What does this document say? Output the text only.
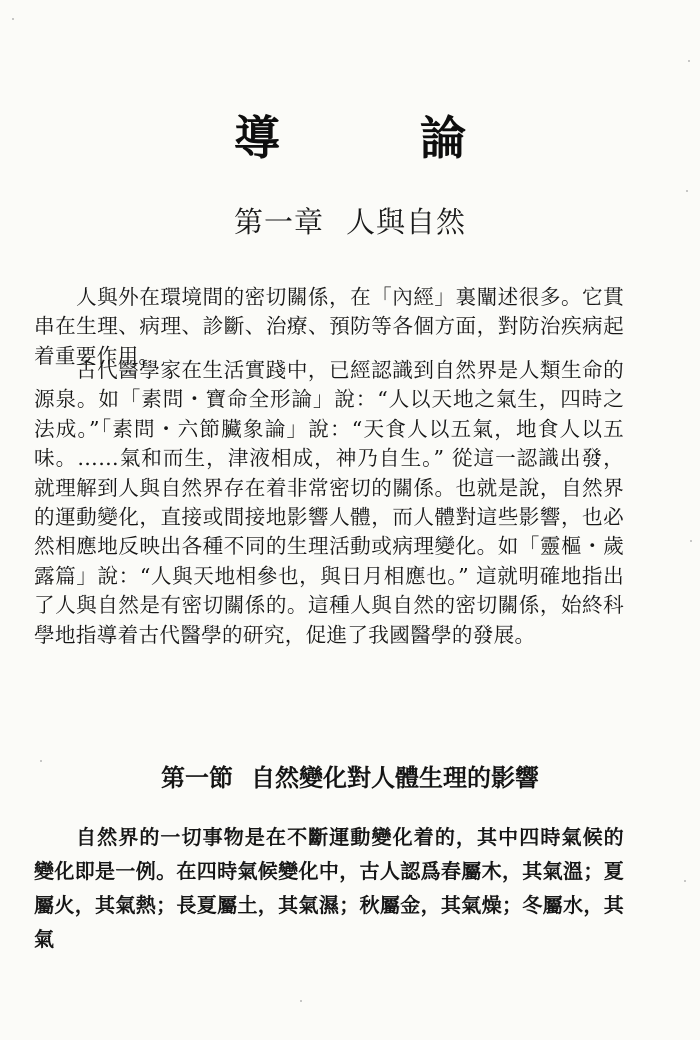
導 論
第一章 人與自然

人與外在環境間的密切關係，在「內經」裏闡述很多。它貫串在生理、病理、診斷、治療、預防等各個方面，對防治疾病起着重要作用。

古代醫學家在生活實踐中，已經認識到自然界是人類生命的源泉。如「素問・寶命全形論」說：“人以天地之氣生，四時之法成。”「素問・六節臟象論」說：“天食人以五氣，地食人以五味。……氣和而生，津液相成，神乃自生。” 從這一認識出發，就理解到人與自然界存在着非常密切的關係。也就是說，自然界的運動變化，直接或間接地影響人體，而人體對這些影響，也必然相應地反映出各種不同的生理活動或病理變化。如「靈樞・歲露篇」說：“人與天地相參也，與日月相應也。” 這就明確地指出了人與自然是有密切關係的。這種人與自然的密切關係，始終科學地指導着古代醫學的研究，促進了我國醫學的發展。

第一節 自然變化對人體生理的影響

自然界的一切事物是在不斷運動變化着的，其中四時氣候的變化即是一例。在四時氣候變化中，古人認爲春屬木，其氣溫；夏屬火，其氣熱；長夏屬土，其氣濕；秋屬金，其氣燥；冬屬水，其氣
